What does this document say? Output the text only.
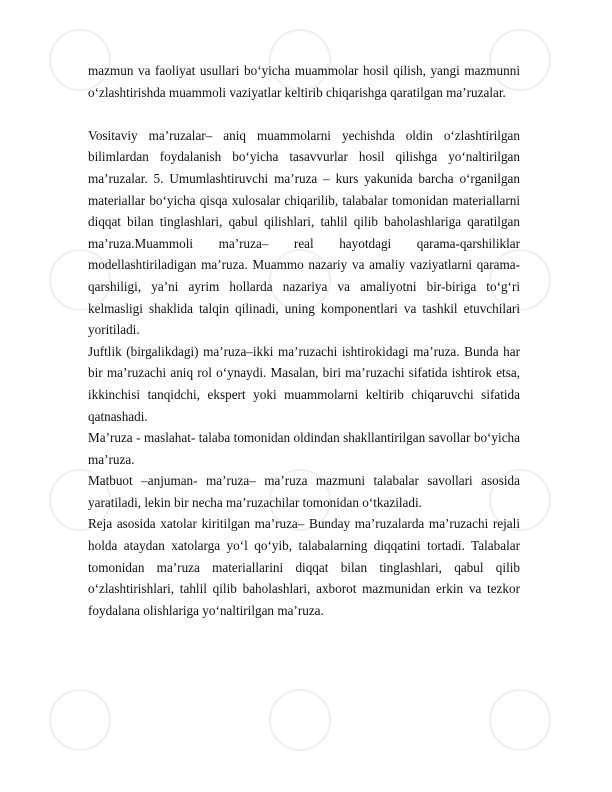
mazmun va faoliyat usullari bo‘yicha muammolar hosil qilish, yangi mazmunni o‘zlashtirishda muammoli vaziyatlar keltirib chiqarishga qaratilgan ma’ruzalar.

Vositaviy ma’ruzalar– aniq muammolarni yechishda oldin o‘zlashtirilgan bilimlardan foydalanish bo‘yicha tasavvurlar hosil qilishga yo‘naltirilgan ma’ruzalar. 5. Umumlashtiruvchi ma’ruza – kurs yakunida barcha o‘rganilgan materiallar bo‘yicha qisqa xulosalar chiqarilib, talabalar tomonidan materiallarni diqqat bilan tinglashlari, qabul qilishlari, tahlil qilib baholashlariga qaratilgan ma’ruza.Muammoli ma’ruza– real hayotdagi qarama-qarshiliklar modellashtiriladigan ma’ruza. Muammo nazariy va amaliy vaziyatlarni qarama-qarshiligi, ya’ni ayrim hollarda nazariya va amaliyotni bir-biriga to‘g‘ri kelmasligi shaklida talqin qilinadi, uning komponentlari va tashkil etuvchilari yoritiladi.

Juftlik (birgalikdagi) ma’ruza–ikki ma’ruzachi ishtirokidagi ma’ruza. Bunda har bir ma’ruzachi aniq rol o‘ynaydi. Masalan, biri ma’ruzachi sifatida ishtirok etsa, ikkinchisi tanqidchi, ekspert yoki muammolarni keltirib chiqaruvchi sifatida qatnashadi.

Ma’ruza - maslahat- talaba tomonidan oldindan shakllantirilgan savollar bo‘yicha ma’ruza.

Matbuot –anjuman- ma’ruza– ma’ruza mazmuni talabalar savollari asosida yaratiladi, lekin bir necha ma’ruzachilar tomonidan o‘tkaziladi.

Reja asosida xatolar kiritilgan ma’ruza– Bunday ma’ruzalarda ma’ruzachi rejali holda ataydan xatolarga yo‘l qo‘yib, talabalarning diqqatini tortadi. Talabalar tomonidan ma’ruza materiallarini diqqat bilan tinglashlari, qabul qilib o‘zlashtirishlari, tahlil qilib baholashlari, axborot mazmunidan erkin va tezkor foydalana olishlariga yo‘naltirilgan ma’ruza.
